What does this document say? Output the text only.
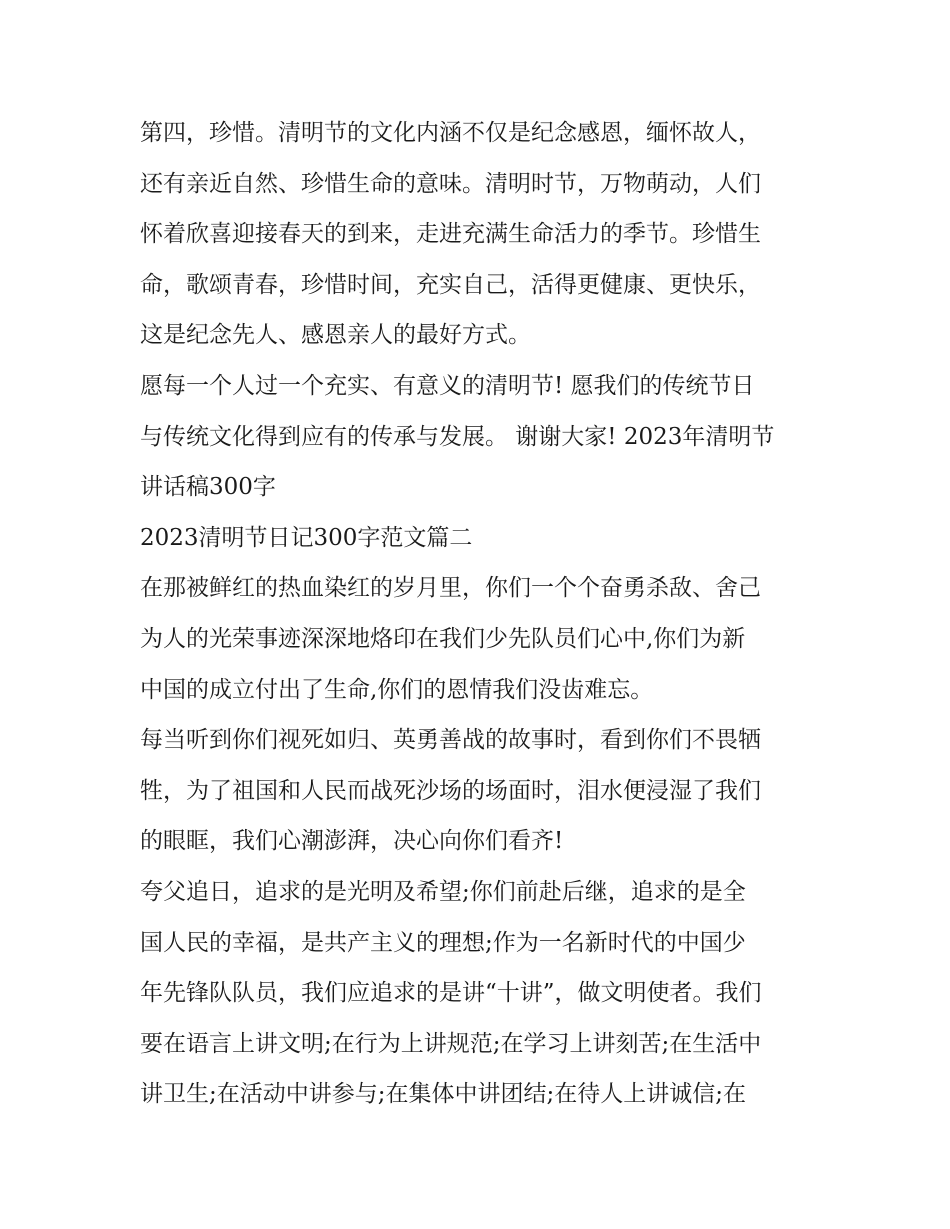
第四，珍惜。清明节的文化内涵不仅是纪念感恩，缅怀故人，
还有亲近自然、珍惜生命的意味。清明时节，万物萌动，人们
怀着欣喜迎接春天的到来，走进充满生命活力的季节。珍惜生
命，歌颂青春，珍惜时间，充实自己，活得更健康、更快乐，
这是纪念先人、感恩亲人的最好方式。
愿每一个人过一个充实、有意义的清明节! 愿我们的传统节日
与传统文化得到应有的传承与发展。 谢谢大家! 2023年清明节
讲话稿300字
2023清明节日记300字范文篇二
在那被鲜红的热血染红的岁月里，你们一个个奋勇杀敌、舍己
为人的光荣事迹深深地烙印在我们少先队员们心中,你们为新
中国的成立付出了生命,你们的恩情我们没齿难忘。
每当听到你们视死如归、英勇善战的故事时，看到你们不畏牺
牲，为了祖国和人民而战死沙场的场面时，泪水便浸湿了我们
的眼眶，我们心潮澎湃，决心向你们看齐!
夸父追日，追求的是光明及希望;你们前赴后继，追求的是全
国人民的幸福，是共产主义的理想;作为一名新时代的中国少
年先锋队队员，我们应追求的是讲“十讲”，做文明使者。我们
要在语言上讲文明;在行为上讲规范;在学习上讲刻苦;在生活中
讲卫生;在活动中讲参与;在集体中讲团结;在待人上讲诚信;在
